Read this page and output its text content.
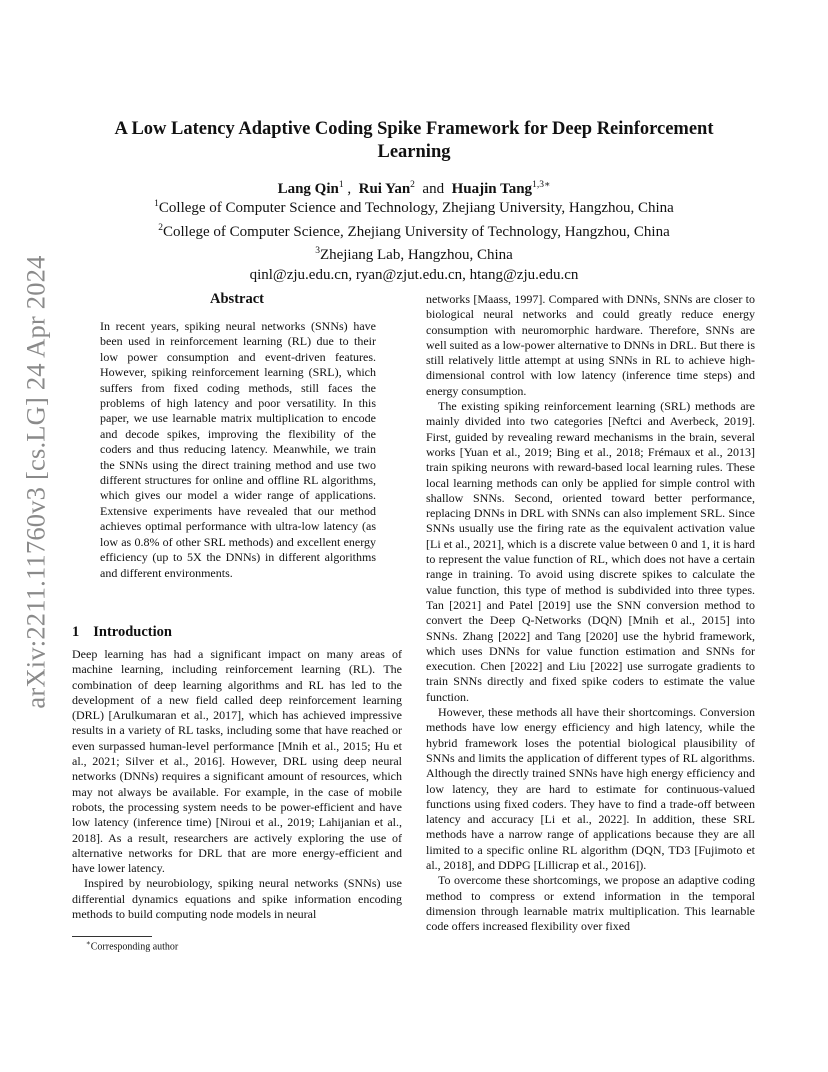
arXiv:2211.11760v3 [cs.LG] 24 Apr 2024
A Low Latency Adaptive Coding Spike Framework for Deep Reinforcement Learning
Lang Qin$^1$ ,  Rui Yan$^2$ and Huajin Tang$^{1,3∗}$
$^1$College of Computer Science and Technology, Zhejiang University, Hangzhou, China
$^2$College of Computer Science, Zhejiang University of Technology, Hangzhou, China
$^3$Zhejiang Lab, Hangzhou, China
qinl@zju.edu.cn, ryan@zjut.edu.cn, htang@zju.edu.cn
Abstract
In recent years, spiking neural networks (SNNs) have been used in reinforcement learning (RL) due to their low power consumption and event-driven features. However, spiking reinforcement learning (SRL), which suffers from fixed coding methods, still faces the problems of high latency and poor versatility. In this paper, we use learnable matrix multiplication to encode and decode spikes, improving the flexibility of the coders and thus reducing latency. Meanwhile, we train the SNNs using the direct training method and use two different structures for online and offline RL algorithms, which gives our model a wider range of applications. Extensive experiments have revealed that our method achieves optimal performance with ultra-low latency (as low as 0.8% of other SRL methods) and excellent energy efficiency (up to 5X the DNNs) in different algorithms and different environments.
1 Introduction

Deep learning has had a significant impact on many areas of machine learning, including reinforcement learning (RL). The combination of deep learning algorithms and RL has led to the development of a new field called deep reinforcement learning (DRL) [Arulkumaran et al., 2017], which has achieved impressive results in a variety of RL tasks, including some that have reached or even surpassed human-level performance [Mnih et al., 2015; Hu et al., 2021; Silver et al., 2016]. However, DRL using deep neural networks (DNNs) requires a significant amount of resources, which may not always be available. For example, in the case of mobile robots, the processing system needs to be power-efficient and have low latency (inference time) [Niroui et al., 2019; Lahijanian et al., 2018]. As a result, researchers are actively exploring the use of alternative networks for DRL that are more energy-efficient and have lower latency.

Inspired by neurobiology, spiking neural networks (SNNs) use differential dynamics equations and spike information encoding methods to build computing node models in neural

networks [Maass, 1997]. Compared with DNNs, SNNs are closer to biological neural networks and could greatly reduce energy consumption with neuromorphic hardware. Therefore, SNNs are well suited as a low-power alternative to DNNs in DRL. But there is still relatively little attempt at using SNNs in RL to achieve high-dimensional control with low latency (inference time steps) and energy consumption.

The existing spiking reinforcement learning (SRL) methods are mainly divided into two categories [Neftci and Averbeck, 2019]. First, guided by revealing reward mechanisms in the brain, several works [Yuan et al., 2019; Bing et al., 2018; Frémaux et al., 2013] train spiking neurons with reward-based local learning rules. These local learning methods can only be applied for simple control with shallow SNNs. Second, oriented toward better performance, replacing DNNs in DRL with SNNs can also implement SRL. Since SNNs usually use the firing rate as the equivalent activation value [Li et al., 2021], which is a discrete value between 0 and 1, it is hard to represent the value function of RL, which does not have a certain range in training. To avoid using discrete spikes to calculate the value function, this type of method is subdivided into three types. Tan [2021] and Patel [2019] use the SNN conversion method to convert the Deep Q-Networks (DQN) [Mnih et al., 2015] into SNNs. Zhang [2022] and Tang [2020] use the hybrid framework, which uses DNNs for value function estimation and SNNs for execution. Chen [2022] and Liu [2022] use surrogate gradients to train SNNs directly and fixed spike coders to estimate the value function.

However, these methods all have their shortcomings. Conversion methods have low energy efficiency and high latency, while the hybrid framework loses the potential biological plausibility of SNNs and limits the application of different types of RL algorithms. Although the directly trained SNNs have high energy efficiency and low latency, they are hard to estimate for continuous-valued functions using fixed coders. They have to find a trade-off between latency and accuracy [Li et al., 2022]. In addition, these SRL methods have a narrow range of applications because they are all limited to a specific online RL algorithm (DQN, TD3 [Fujimoto et al., 2018], and DDPG [Lillicrap et al., 2016]).

To overcome these shortcomings, we propose an adaptive coding method to compress or extend information in the temporal dimension through learnable matrix multiplication. This learnable code offers increased flexibility over fixed

∗Corresponding author
